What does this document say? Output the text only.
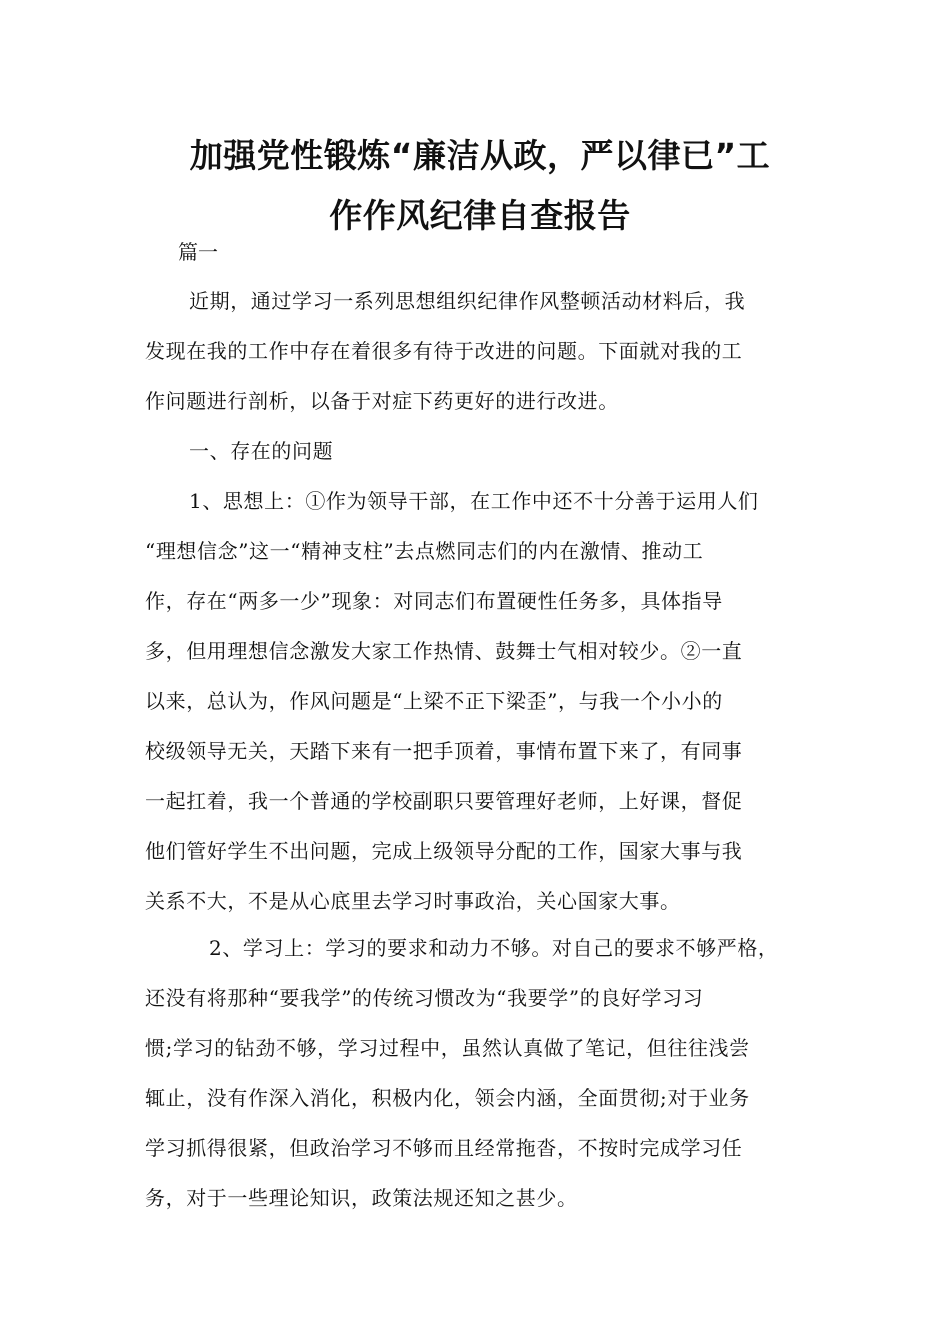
加强党性锻炼“廉洁从政，严以律已”工
作作风纪律自查报告
篇一
近期，通过学习一系列思想组织纪律作风整顿活动材料后，我
发现在我的工作中存在着很多有待于改进的问题。下面就对我的工
作问题进行剖析，以备于对症下药更好的进行改进。
一、存在的问题
1、思想上：①作为领导干部，在工作中还不十分善于运用人们
“理想信念”这一“精神支柱”去点燃同志们的内在激情、推动工
作，存在“两多一少”现象：对同志们布置硬性任务多，具体指导
多，但用理想信念激发大家工作热情、鼓舞士气相对较少。②一直
以来，总认为，作风问题是“上梁不正下梁歪”，与我一个小小的
校级领导无关，天踏下来有一把手顶着，事情布置下来了，有同事
一起扛着，我一个普通的学校副职只要管理好老师，上好课，督促
他们管好学生不出问题，完成上级领导分配的工作，国家大事与我
关系不大，不是从心底里去学习时事政治，关心国家大事。
2、学习上：学习的要求和动力不够。对自己的要求不够严格，
还没有将那种“要我学”的传统习惯改为“我要学”的良好学习习
惯;学习的钻劲不够，学习过程中，虽然认真做了笔记，但往往浅尝
辄止，没有作深入消化，积极内化，领会内涵，全面贯彻;对于业务
学习抓得很紧，但政治学习不够而且经常拖沓，不按时完成学习任
务，对于一些理论知识，政策法规还知之甚少。
